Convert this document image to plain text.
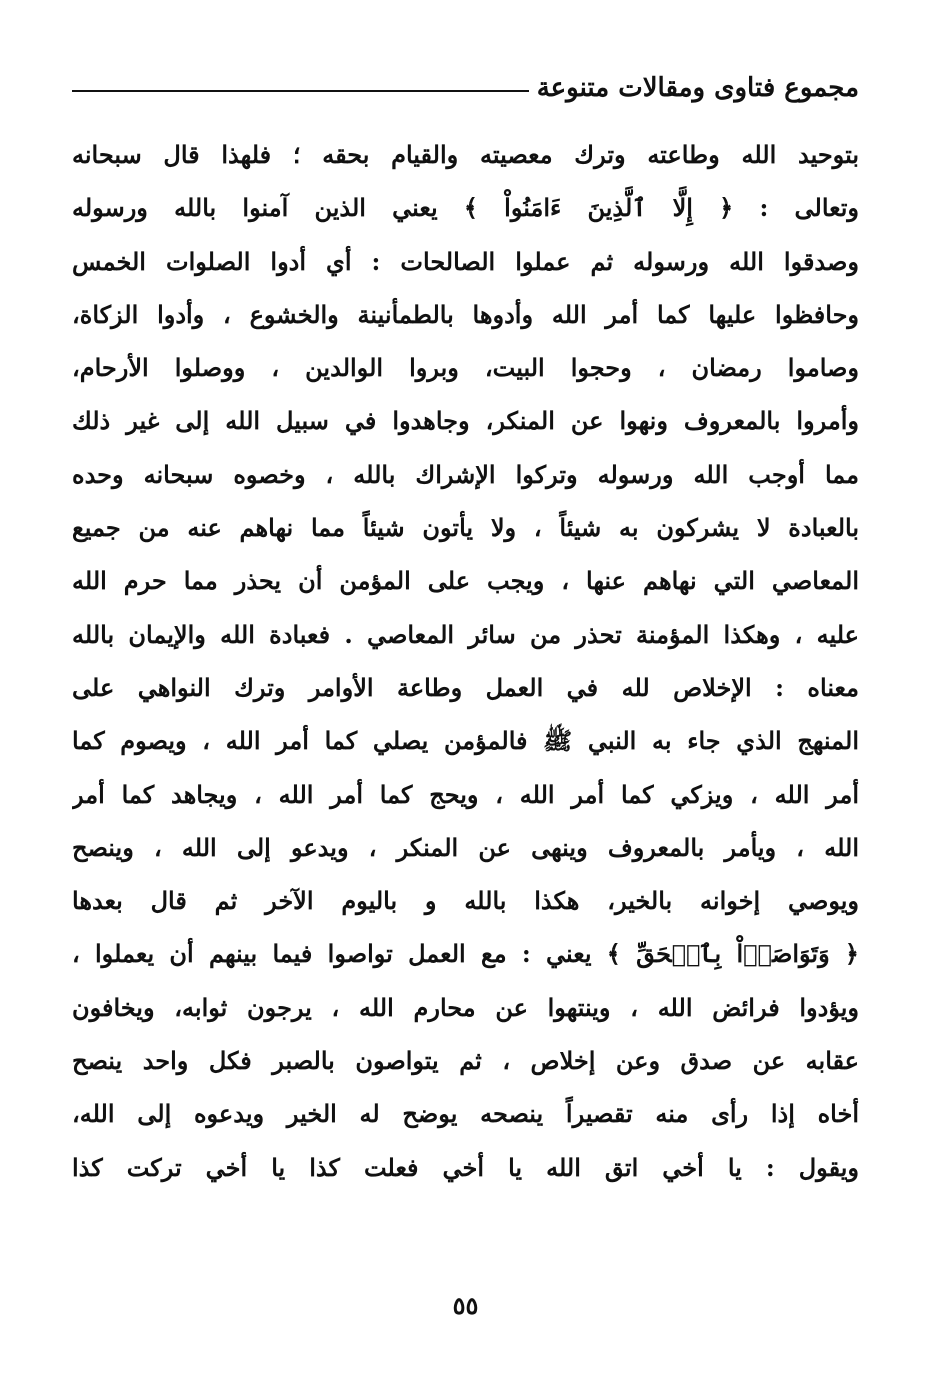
مجموع فتاوى ومقالات متنوعة
بتوحيد الله وطاعته وترك معصيته والقيام بحقه ؛ فلهذا قال سبحانه
وتعالى : ﴿ إِلَّا ٱلَّذِينَ ءَامَنُواْ ﴾ يعني الذين آمنوا بالله ورسوله
وصدقوا الله ورسوله ثم عملوا الصالحات : أي أدوا الصلوات الخمس
وحافظوا عليها كما أمر الله وأدوها بالطمأنينة والخشوع ، وأدوا الزكاة،
وصاموا رمضان ، وحجوا البيت، وبروا الوالدين ، ووصلوا الأرحام،
وأمروا بالمعروف ونهوا عن المنكر، وجاهدوا في سبيل الله إلى غير ذلك
مما أوجب الله ورسوله وتركوا الإشراك بالله ، وخصوه سبحانه وحده
بالعبادة لا يشركون به شيئاً ، ولا يأتون شيئاً مما نهاهم عنه من جميع
المعاصي التي نهاهم عنها ، ويجب على المؤمن أن يحذر مما حرم الله
عليه ، وهكذا المؤمنة تحذر من سائر المعاصي . فعبادة الله والإيمان بالله
معناه : الإخلاص لله في العمل وطاعة الأوامر وترك النواهي على
المنهج الذي جاء به النبي ﷺ فالمؤمن يصلي كما أمر الله ، ويصوم كما
أمر الله ، ويزكي كما أمر الله ، ويحج كما أمر الله ، ويجاهد كما أمر
الله ، ويأمر بالمعروف وينهى عن المنكر ، ويدعو إلى الله ، وينصح
ويوصي إخوانه بالخير، هكذا بالله و باليوم الآخر ثم قال بعدها
﴿ وَتَوَاصَوۡاْ بِٱلۡحَقِّ ﴾ يعني : مع العمل تواصوا فيما بينهم أن يعملوا ،
ويؤدوا فرائض الله ، وينتهوا عن محارم الله ، يرجون ثوابه، ويخافون
عقابه عن صدق وعن إخلاص ، ثم يتواصون بالصبر فكل واحد ينصح
أخاه إذا رأى منه تقصيراً ينصحه يوضح له الخير ويدعوه إلى الله،
ويقول : يا أخي اتق الله يا أخي فعلت كذا يا أخي تركت كذا
٥٥
